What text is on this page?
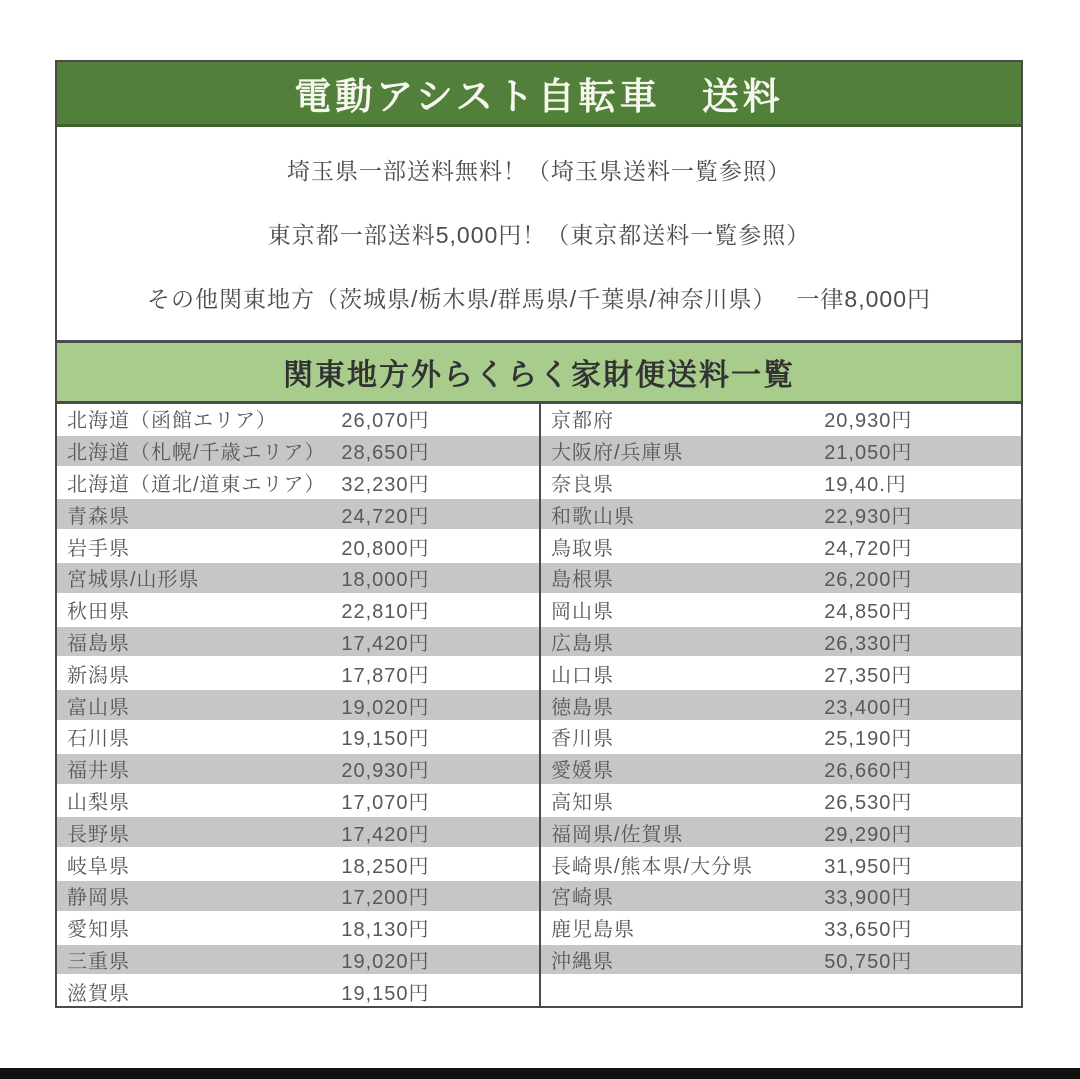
電動アシスト自転車　送料

埼玉県一部送料無料！（埼玉県送料一覧参照）

東京都一部送料5,000円！（東京都送料一覧参照）

その他関東地方（茨城県/栃木県/群馬県/千葉県/神奈川県）　 一律8,000円

関東地方外らくらく家財便送料一覧
北海道（函館エリア）	26,070円
北海道（札幌/千歳エリア） 28,650円
北海道（道北/道東エリア） 32,230円
青森県	24,720円
岩手県	20,800円
宮城県/山形県	18,000円
秋田県	22,810円
福島県	17,420円
新潟県	17,870円
富山県	19,020円
石川県	19,150円
福井県	20,930円
山梨県	17,070円
長野県	17,420円
岐阜県	18,250円
静岡県	17,200円
愛知県	18,130円
三重県	19,020円
滋賀県	19,150円
京都府	20,930円
大阪府/兵庫県	21,050円
奈良県	19,40.円
和歌山県	22,930円
鳥取県	24,720円
島根県	26,200円
岡山県	24,850円
広島県	26,330円
山口県	27,350円
徳島県	23,400円
香川県	25,190円
愛媛県	26,660円
高知県	26,530円
福岡県/佐賀県	29,290円
長崎県/熊本県/大分県	31,950円
宮崎県	33,900円
鹿児島県	33,650円
沖縄県	50,750円
